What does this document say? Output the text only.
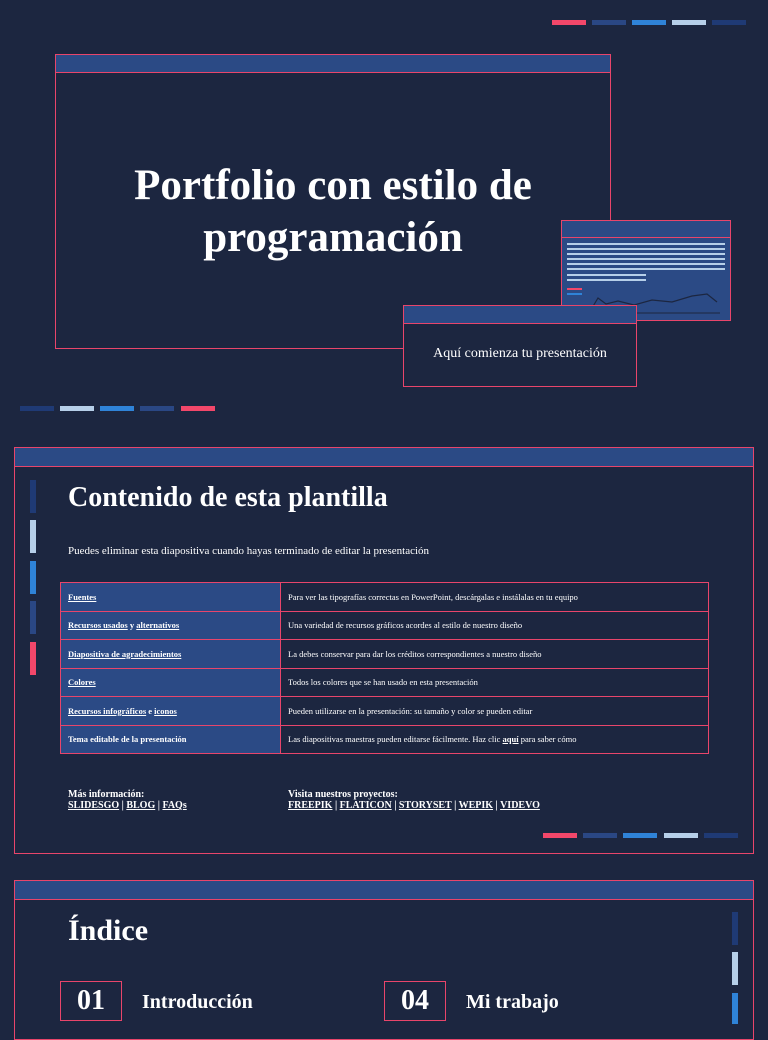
Portfolio con estilo de programación
Aquí comienza tu presentación
Contenido de esta plantilla
Puedes eliminar esta diapositiva cuando hayas terminado de editar la presentación
Fuentes	Para ver las tipografías correctas en PowerPoint, descárgalas e instálalas en tu equipo
Recursos usados y alternativos	Una variedad de recursos gráficos acordes al estilo de nuestro diseño
Diapositiva de agradecimientos	La debes conservar para dar los créditos correspondientes a nuestro diseño
Colores	Todos los colores que se han usado en esta presentación
Recursos infográficos e iconos	Pueden utilizarse en la presentación: su tamaño y color se pueden editar
Tema editable de la presentación	Las diapositivas maestras pueden editarse fácilmente. Haz clic aquí para saber cómo
Más información:
SLIDESGO | BLOG | FAQs
Visita nuestros proyectos:
FREEPIK | FLATICON | STORYSET | WEPIK | VIDEVO
Índice
01	Introducción	04	Mi trabajo
